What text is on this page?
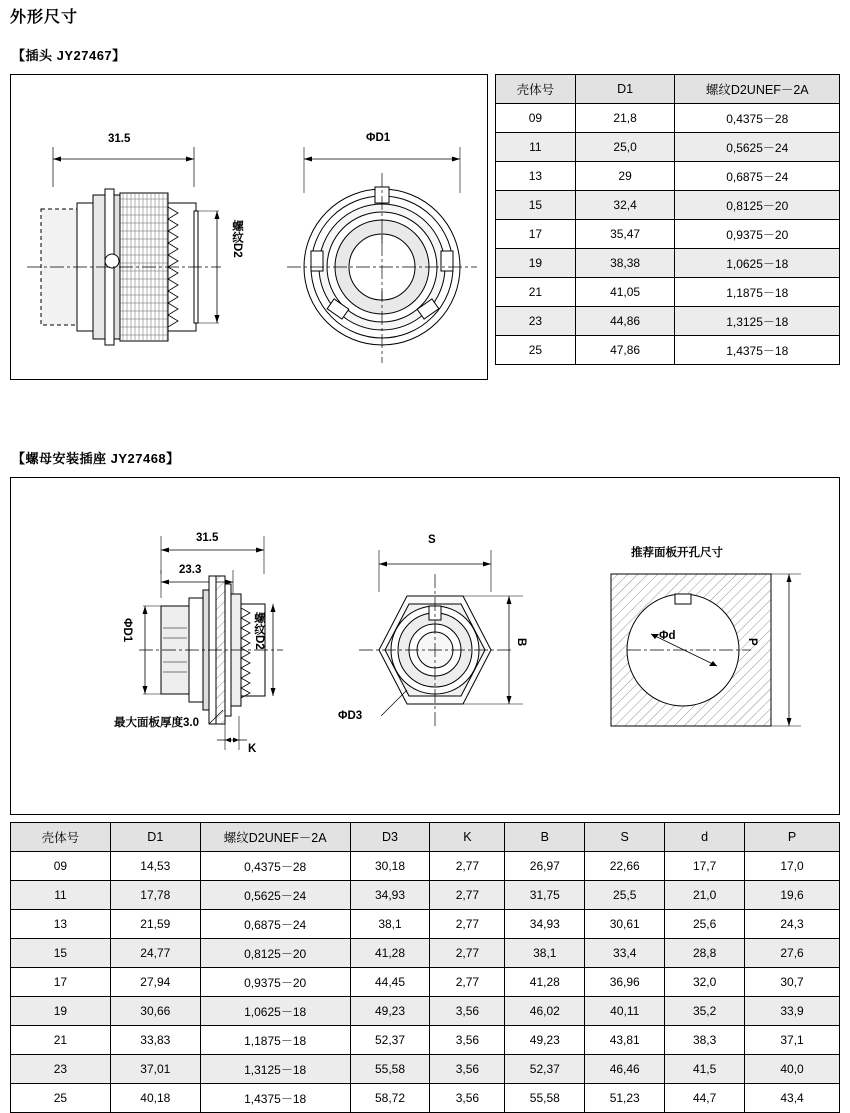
外形尺寸
【插头 JY27467】
31.5	ΦD1
螺纹D2
壳体号	D1	螺纹D2UNEF－2A
09	21,8	0,4375－28
11	25,0	0,5625－24
13	29	0,6875－24
15	32,4	0,8125－20
17	35,47	0,9375－20
19	38,38	1,0625－18
21	41,05	1,1875－18
23	44,86	1,3125－18
25	47,86	1,4375－18
【螺母安装插座 JY27468】
31.5
23.3
ΦD1	螺纹D2
最大面板厚度3.0
K
S
B
ΦD3
推荐面板开孔尺寸
Φd	P
壳体号	D1	螺纹D2UNEF－2A	D3	K	B	S	d	P
09	14,53	0,4375－28	30,18	2,77	26,97	22,66	17,7	17,0
11	17,78	0,5625－24	34,93	2,77	31,75	25,5	21,0	19,6
13	21,59	0,6875－24	38,1	2,77	34,93	30,61	25,6	24,3
15	24,77	0,8125－20	41,28	2,77	38,1	33,4	28,8	27,6
17	27,94	0,9375－20	44,45	2,77	41,28	36,96	32,0	30,7
19	30,66	1,0625－18	49,23	3,56	46,02	40,11	35,2	33,9
21	33,83	1,1875－18	52,37	3,56	49,23	43,81	38,3	37,1
23	37,01	1,3125－18	55,58	3,56	52,37	46,46	41,5	40,0
25	40,18	1,4375－18	58,72	3,56	55,58	51,23	44,7	43,4
